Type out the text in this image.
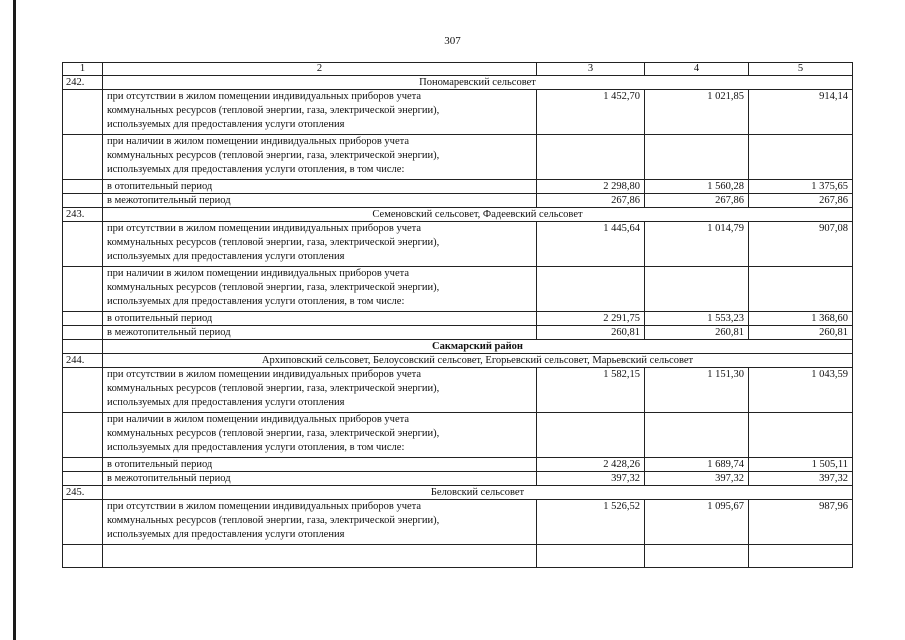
307
1	2	3	4	5
242.	Пономаревский сельсовет			

	при отсутствии в жилом помещении индивидуальных приборов учета
коммунальных ресурсов (тепловой энергии, газа, электрической энергии),
используемых для предоставления услуги отопления	1 452,70	1 021,85	914,14

	при наличии в жилом помещении индивидуальных приборов учета
коммунальных ресурсов (тепловой энергии, газа, электрической энергии),
используемых для предоставления услуги отопления, в том числе:			

	в отопительный период	2 298,80	1 560,28	1 375,65

	в межотопительный период	267,86	267,86	267,86
243.	Семеновский сельсовет, Фадеевский сельсовет			

	при отсутствии в жилом помещении индивидуальных приборов учета
коммунальных ресурсов (тепловой энергии, газа, электрической энергии),
используемых для предоставления услуги отопления	1 445,64	1 014,79	907,08

	при наличии в жилом помещении индивидуальных приборов учета
коммунальных ресурсов (тепловой энергии, газа, электрической энергии),
используемых для предоставления услуги отопления, в том числе:			

	в отопительный период	2 291,75	1 553,23	1 368,60

	в межотопительный период	260,81	260,81	260,81
	Сакмарский район			
244.	Архиповский сельсовет, Белоусовский сельсовет, Егорьевский сельсовет, Марьевский сельсовет			

	при отсутствии в жилом помещении индивидуальных приборов учета
коммунальных ресурсов (тепловой энергии, газа, электрической энергии),
используемых для предоставления услуги отопления	1 582,15	1 151,30	1 043,59

	при наличии в жилом помещении индивидуальных приборов учета
коммунальных ресурсов (тепловой энергии, газа, электрической энергии),
используемых для предоставления услуги отопления, в том числе:			

	в отопительный период	2 428,26	1 689,74	1 505,11

	в межотопительный период	397,32	397,32	397,32
245.	Беловский сельсовет			

	при отсутствии в жилом помещении индивидуальных приборов учета
коммунальных ресурсов (тепловой энергии, газа, электрической энергии),
используемых для предоставления услуги отопления	1 526,52	1 095,67	987,96
